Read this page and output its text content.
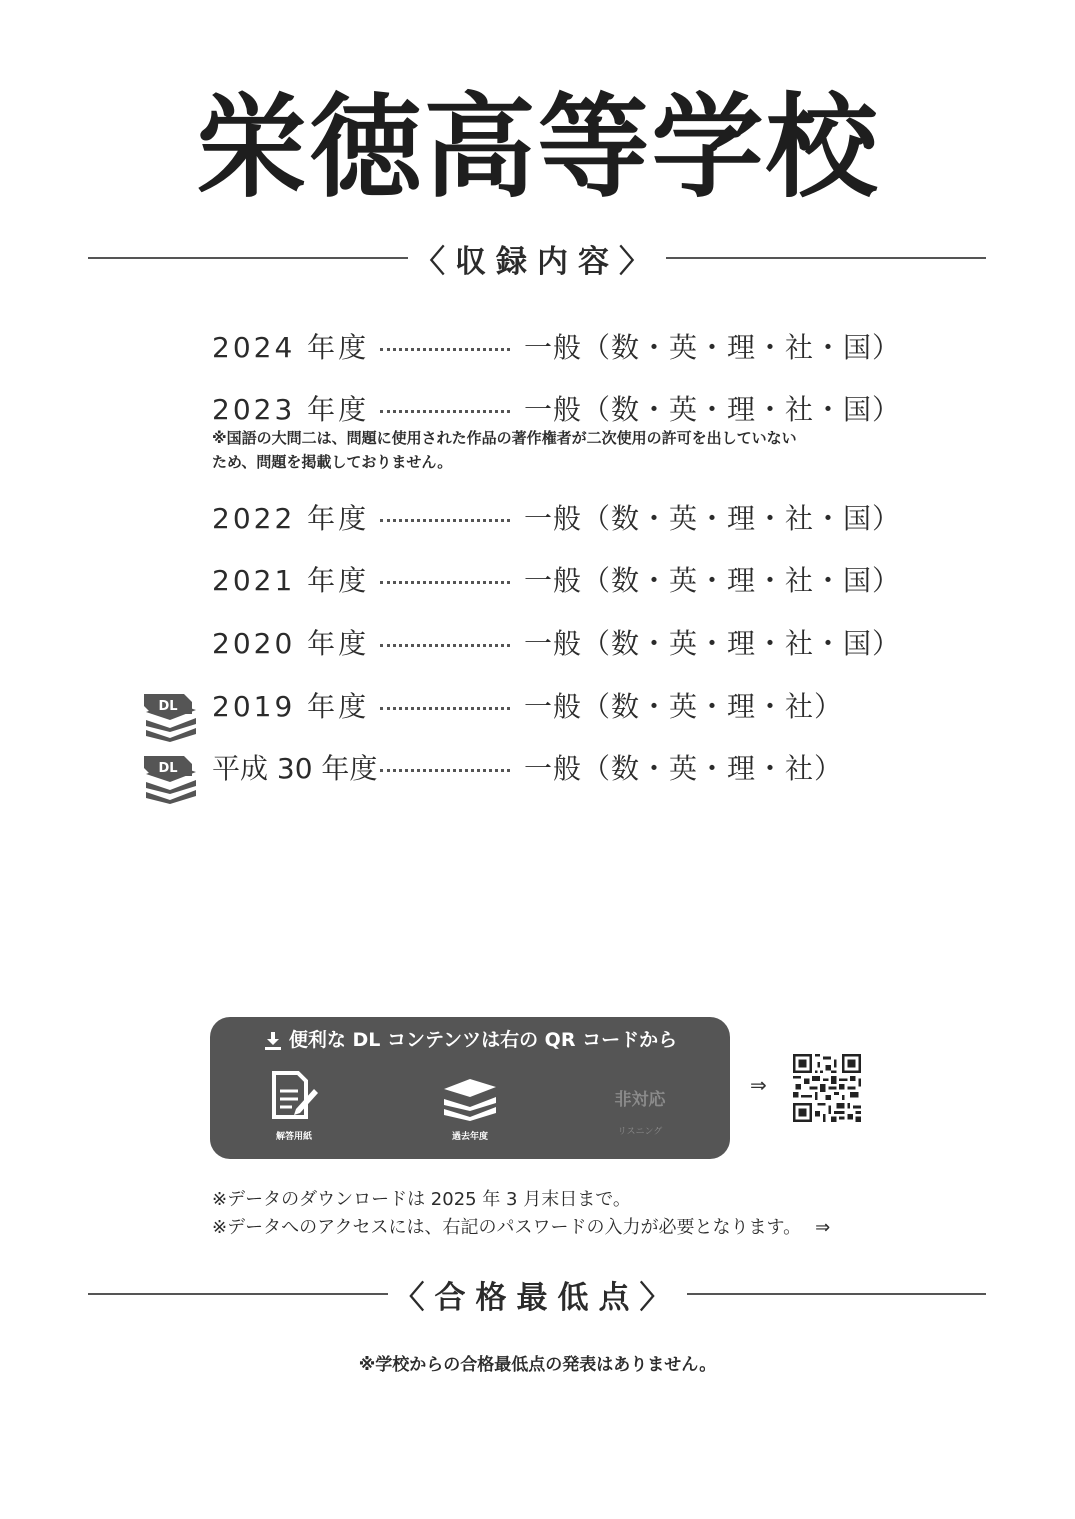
栄徳高等学校
〈収録内容〉
2024 年度	一般（数・英・理・社・国）
2023 年度	一般（数・英・理・社・国）
※国語の大問二は、問題に使用された作品の著作権者が二次使用の許可を出していない
ため、問題を掲載しておりません。
2022 年度	一般（数・英・理・社・国）
2021 年度	一般（数・英・理・社・国）
2020 年度	一般（数・英・理・社・国）
2019 年度	一般（数・英・理・社）
平成 30 年度	一般（数・英・理・社）
DL
DL
便利な DL コンテンツは右の QR コードから
解答用紙	過去年度
非対応
リスニング
⇒
※データのダウンロードは 2025 年 3 月末日まで。
※データへのアクセスには、右記のパスワードの入力が必要となります。 ⇒
〈合格最低点〉
※学校からの合格最低点の発表はありません。
